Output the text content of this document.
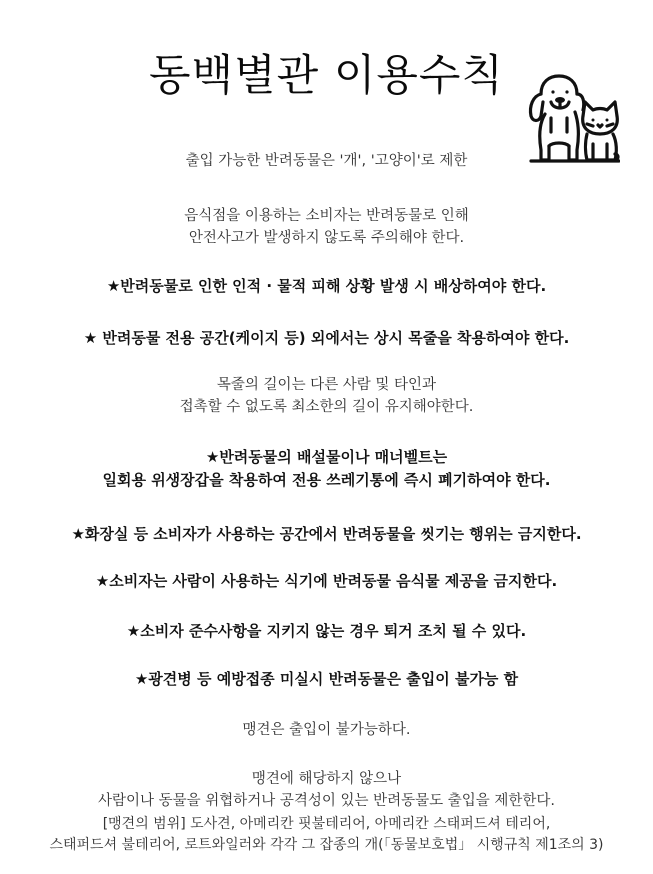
동백별관 이용수칙
출입 가능한 반려동물은 '개', '고양이'로 제한
음식점을 이용하는 소비자는 반려동물로 인해
안전사고가 발생하지 않도록 주의해야 한다.
★반려동물로 인한 인적 · 물적 피해 상황 발생 시 배상하여야 한다.
★ 반려동물 전용 공간(케이지 등) 외에서는 상시 목줄을 착용하여야 한다.
목줄의 길이는 다른 사람 및 타인과
접촉할 수 없도록 최소한의 길이 유지해야한다.
★반려동물의 배설물이나 매너벨트는
일회용 위생장갑을 착용하여 전용 쓰레기통에 즉시 폐기하여야 한다.
★화장실 등 소비자가 사용하는 공간에서 반려동물을 씻기는 행위는 금지한다.
★소비자는 사람이 사용하는 식기에 반려동물 음식물 제공을 금지한다.
★소비자 준수사항을 지키지 않는 경우 퇴거 조치 될 수 있다.
★광견병 등 예방접종 미실시 반려동물은 출입이 불가능 함
맹견은 출입이 불가능하다.
맹견에 해당하지 않으나
사람이나 동물을 위협하거나 공격성이 있는 반려동물도 출입을 제한한다.
[맹견의 범위] 도사견, 아메리칸 핏불테리어, 아메리칸 스태퍼드셔 테리어,
스태퍼드셔 불테리어, 로트와일러와 각각 그 잡종의 개(「동물보호법」 시행규칙 제1조의 3)
